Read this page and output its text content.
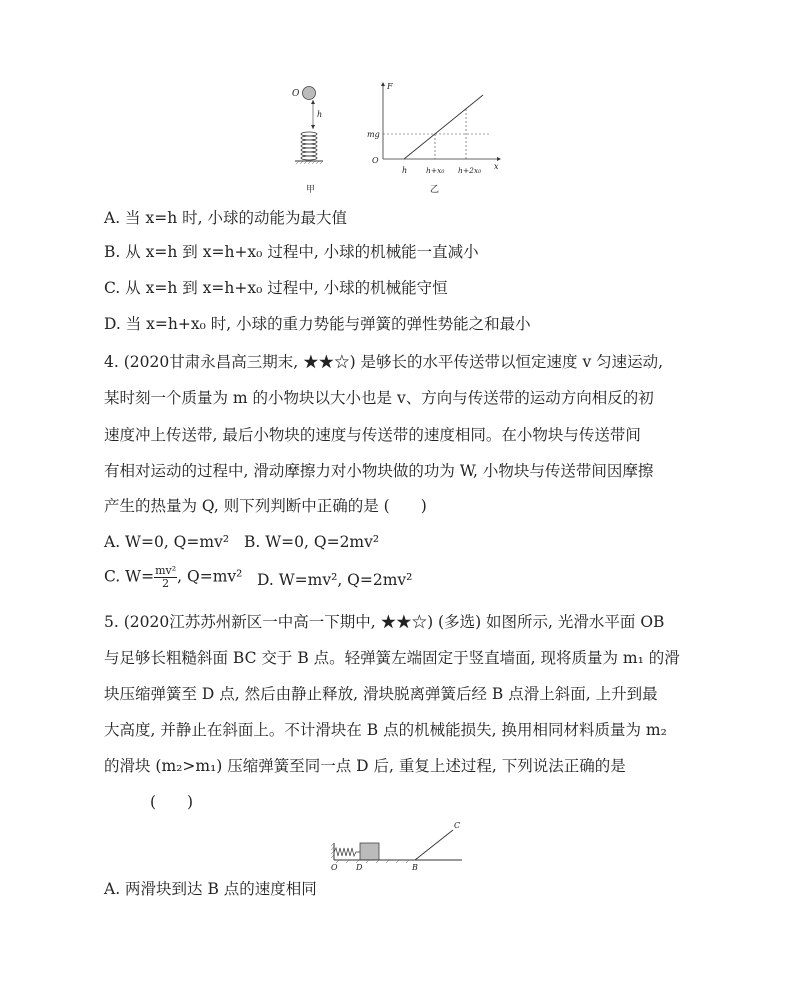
O
h
甲
F
x
O
mg
h	h+x₀ h+2x₀
乙
A. 当 x=h 时, 小球的动能为最大值
B. 从 x=h 到 x=h+x₀ 过程中, 小球的机械能一直减小
C. 从 x=h 到 x=h+x₀ 过程中, 小球的机械能守恒
D. 当 x=h+x₀ 时, 小球的重力势能与弹簧的弹性势能之和最小
4. (2020甘肃永昌高三期末, ★★☆) 是够长的水平传送带以恒定速度 v 匀速运动,
某时刻一个质量为 m 的小物块以大小也是 v、方向与传送带的运动方向相反的初
速度冲上传送带, 最后小物块的速度与传送带的速度相同。在小物块与传送带间
有相对运动的过程中, 滑动摩擦力对小物块做的功为 W, 小物块与传送带间因摩擦
产生的热量为 Q, 则下列判断中正确的是 (　　)
A. W=0, Q=mv² B. W=0, Q=2mv²
C. $W= \frac{\text{mv²}}{2}$ , Q=mv² D. W=mv², Q=2mv²
5. (2020江苏苏州新区一中高一下期中, ★★☆) (多选) 如图所示, 光滑水平面 OB
与足够长粗糙斜面 BC 交于 B 点。轻弹簧左端固定于竖直墙面, 现将质量为 m₁ 的滑
块压缩弹簧至 D 点, 然后由静止释放, 滑块脱离弹簧后经 B 点滑上斜面, 上升到最
大高度, 并静止在斜面上。不计滑块在 B 点的机械能损失, 换用相同材料质量为 m₂
的滑块 (m₂>m₁) 压缩弹簧至同一点 D 后, 重复上述过程, 下列说法正确的是
(　　)
O D	B
C
A. 两滑块到达 B 点的速度相同
